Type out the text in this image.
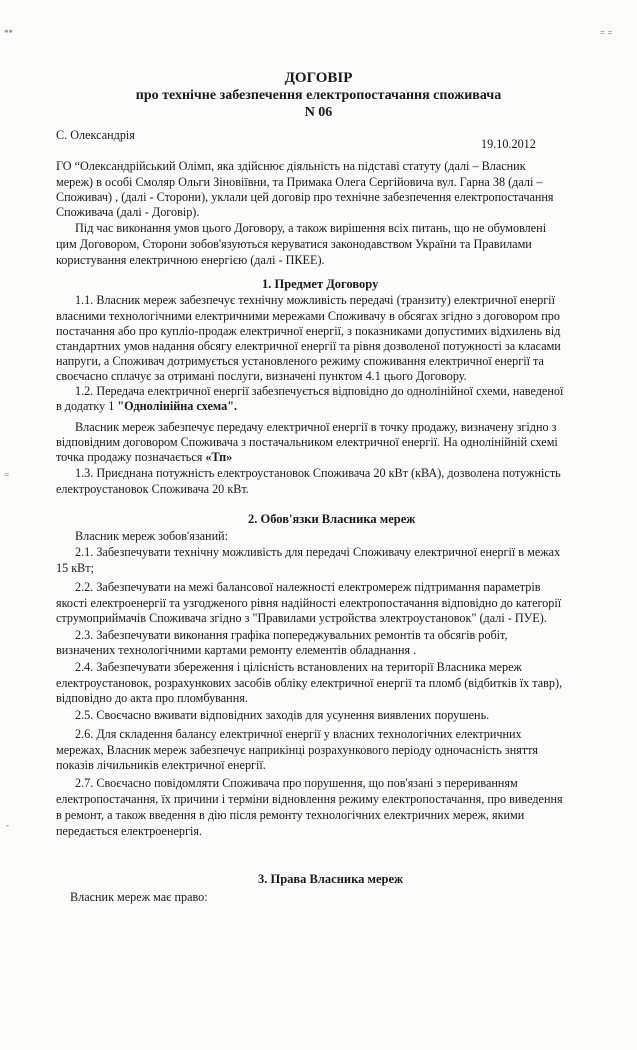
**
=
-
= =
ДОГОВІР
про технічне забезпечення електропостачання споживача
N 06
С. Олександрія
19.10.2012
ГО “Олександрійський Олімп, яка здійснює діяльність на підставі статуту (далі – Власник
мереж) в особі Смоляр Ольги Зіновіївни, та Примака Олега Сергійовича вул. Гарна 38 (далі –
Споживач) , (далі - Сторони), уклали цей договір про технічне забезпечення електропостачання
Споживача (далі - Договір).
Під час виконання умов цього Договору, а також вирішення всіх питань, що не обумовлені
цим Договором, Сторони зобов'язуються керуватися законодавством України та Правилами
користування електричною енергією (далі - ПКЕЕ).
1. Предмет Договору
1.1. Власник мереж забезпечує технічну можливість передачі (транзиту) електричної енергії
власними технологічними електричними мережами Споживачу в обсягах згідно з договором про
постачання або про купліо-продаж електричної енергії, з показниками допустимих відхилень від
стандартних умов надання обсягу електричної енергії та рівня дозволеної потужності за класами
напруги, а Споживач дотримується установленого режиму споживання електричної енергії та
своєчасно сплачує за отримані послуги, визначені пунктом 4.1 цього Договору.
1.2. Передача електричної енергії забезпечується відповідно до однолінійної схеми, наведеної
в додатку 1 "Однолінійна схема".
Власник мереж забезпечує передачу електричної енергії в точку продажу, визначену згідно з
відповідним договором Споживача з постачальником електричної енергії. На однолінійній схемі
точка продажу позначається «Тп»
1.3. Приєднана потужність електроустановок Споживача 20 кВт (кВА), дозволена потужність
електроустановок Споживача 20 кВт.
2. Обов'язки Власника мереж
Власник мереж зобов'язаний:
2.1. Забезпечувати технічну можливість для передачі Споживачу електричної енергії в межах
15 кВт;
2.2. Забезпечувати на межі балансової належності електромереж підтримання параметрів
якості електроенергії та узгодженого рівня надійності електропостачання відповідно до категорії
струмоприймачів Споживача згідно з "Правилами устройства электроустановок" (далі - ПУЕ).
2.3. Забезпечувати виконання графіка попереджувальних ремонтів та обсягів робіт,
визначених технологічними картами ремонту елементів обладнання .
2.4. Забезпечувати збереження і цілісність встановлених на території Власника мереж
електроустановок, розрахункових засобів обліку електричної енергії та пломб (відбитків їх тавр),
відповідно до акта про пломбування.
2.5. Своєчасно вживати відповідних заходів для усунення виявлених порушень.
2.6. Для складення балансу електричної енергії у власних технологічних електричних
мережах, Власник мереж забезпечує наприкінці розрахункового періоду одночасність зняття
показів лічильників електричної енергії.
2.7. Своєчасно повідомляти Споживача про порушення, що пов'язані з перериванням
електропостачання, їх причини і терміни відновлення режиму електропостачання, про виведення
в ремонт, а також введення в дію після ремонту технологічних електричних мереж, якими
передається електроенергія.
3. Права Власника мереж
Власник мереж має право:
